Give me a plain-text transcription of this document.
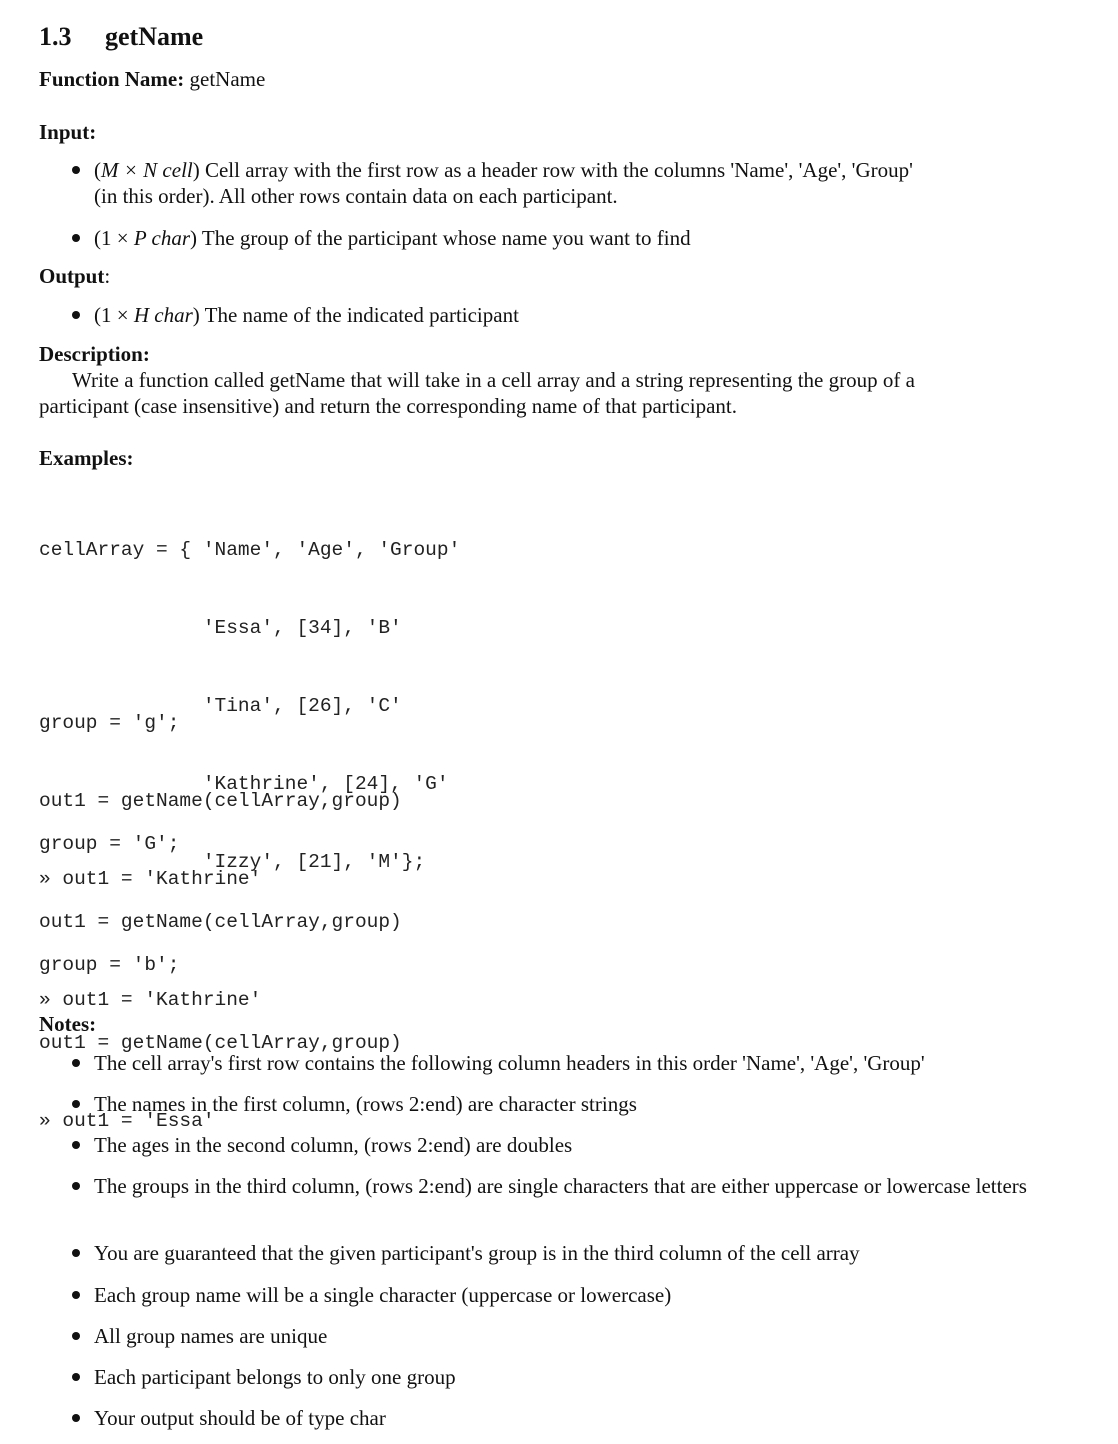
1.3 getName
Function Name: getName
Input:
(M × N cell) Cell array with the first row as a header row with the columns 'Name', 'Age', 'Group'
(in this order). All other rows contain data on each participant.
(1 × P char) The group of the participant whose name you want to find
Output:
(1 × H char) The name of the indicated participant
Description:
Write a function called getName that will take in a cell array and a string representing the group of a
participant (case insensitive) and return the corresponding name of that participant.
Examples:

cellArray = { 'Name', 'Age', 'Group'

'Essa', [34], 'B'

'Tina', [26], 'C'

'Kathrine', [24], 'G'

'Izzy', [21], 'M'};

group = 'g';

out1 = getName(cellArray,group)

» out1 = 'Kathrine'

group = 'G';

out1 = getName(cellArray,group)

» out1 = 'Kathrine'

group = 'b';

out1 = getName(cellArray,group)

» out1 = 'Essa'

Notes:
The cell array's first row contains the following column headers in this order 'Name', 'Age', 'Group'
The names in the first column, (rows 2:end) are character strings
The ages in the second column, (rows 2:end) are doubles
The groups in the third column, (rows 2:end) are single characters that are either uppercase or lowercase letters
You are guaranteed that the given participant's group is in the third column of the cell array
Each group name will be a single character (uppercase or lowercase)
All group names are unique
Each participant belongs to only one group
Your output should be of type char
